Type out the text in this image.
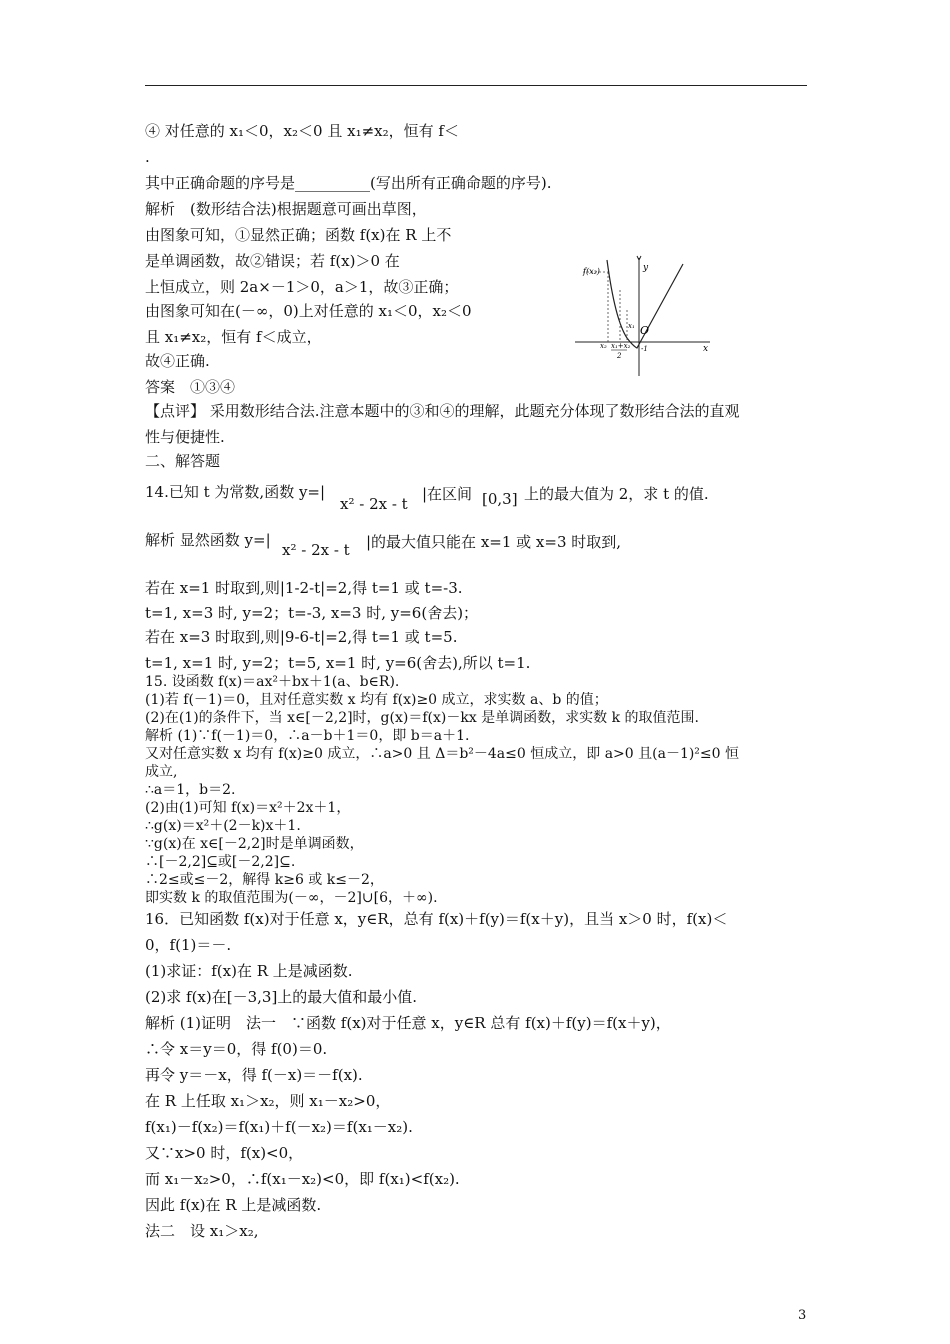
④ 对任意的 x₁＜0，x₂＜0 且 x₁≠x₂，恒有 f＜
.
其中正确命题的序号是__________(写出所有正确命题的序号).
解析　(数形结合法)根据题意可画出草图，
由图象可知，①显然正确；函数 f(x)在 R 上不
是单调函数，故②错误；若 f(x)＞0 在
上恒成立，则 2a×－1＞0，a＞1，故③正确；
由图象可知在(－∞，0)上对任意的 x₁＜0，x₂＜0
且 x₁≠x₂，恒有 f＜成立，
故④正确.
f(x₂)	y
x
O
x₁
-1
x₂ x₁+x₂
2
答案　①③④
【点评】 采用数形结合法.注意本题中的③和④的理解，此题充分体现了数形结合法的直观
性与便捷性.
二、解答题
14.已知 t 为常数,函数 y=|
x² - 2x - t
|在区间 [0,3] 上的最大值为 2，求 t 的值.
解析 显然函数 y=|
x² - 2x - t |的最大值只能在 x=1 或 x=3 时取到,
若在 x=1 时取到,则|1-2-t|=2,得 t=1 或 t=-3.
t=1, x=3 时, y=2；t=-3, x=3 时, y=6(舍去)；
若在 x=3 时取到,则|9-6-t|=2,得 t=1 或 t=5.
t=1, x=1 时, y=2；t=5, x=1 时, y=6(舍去),所以 t=1.
15. 设函数 f(x)＝ax²＋bx＋1(a、b∈R).
(1)若 f(－1)＝0，且对任意实数 x 均有 f(x)≥0 成立，求实数 a、b 的值；
(2)在(1)的条件下，当 x∈[－2,2]时，g(x)＝f(x)－kx 是单调函数，求实数 k 的取值范围.
解析 (1)∵f(－1)＝0，∴a－b＋1＝0，即 b＝a＋1.
又对任意实数 x 均有 f(x)≥0 成立，∴a>0 且 Δ＝b²－4a≤0 恒成立，即 a>0 且(a－1)²≤0 恒
成立,
∴a＝1，b＝2.
(2)由(1)可知 f(x)＝x²＋2x＋1，
∴g(x)＝x²＋(2－k)x＋1.
∵g(x)在 x∈[－2,2]时是单调函数，
∴[－2,2]⊆或[－2,2]⊆.
∴2≤或≤－2，解得 k≥6 或 k≤－2，
即实数 k 的取值范围为(－∞，－2]∪[6，＋∞).
16．已知函数 f(x)对于任意 x，y∈R，总有 f(x)＋f(y)＝f(x＋y)，且当 x＞0 时，f(x)＜
0，f(1)＝－.
(1)求证：f(x)在 R 上是减函数.
(2)求 f(x)在[－3,3]上的最大值和最小值.
解析 (1)证明　法一　∵函数 f(x)对于任意 x，y∈R 总有 f(x)＋f(y)＝f(x＋y)，
∴令 x＝y＝0，得 f(0)＝0.
再令 y＝－x，得 f(－x)＝－f(x).
在 R 上任取 x₁＞x₂，则 x₁－x₂>0，
f(x₁)－f(x₂)＝f(x₁)＋f(－x₂)＝f(x₁－x₂).
又∵x>0 时，f(x)<0，
而 x₁－x₂>0，∴f(x₁－x₂)<0，即 f(x₁)<f(x₂).
因此 f(x)在 R 上是减函数.
法二　设 x₁＞x₂,
3
